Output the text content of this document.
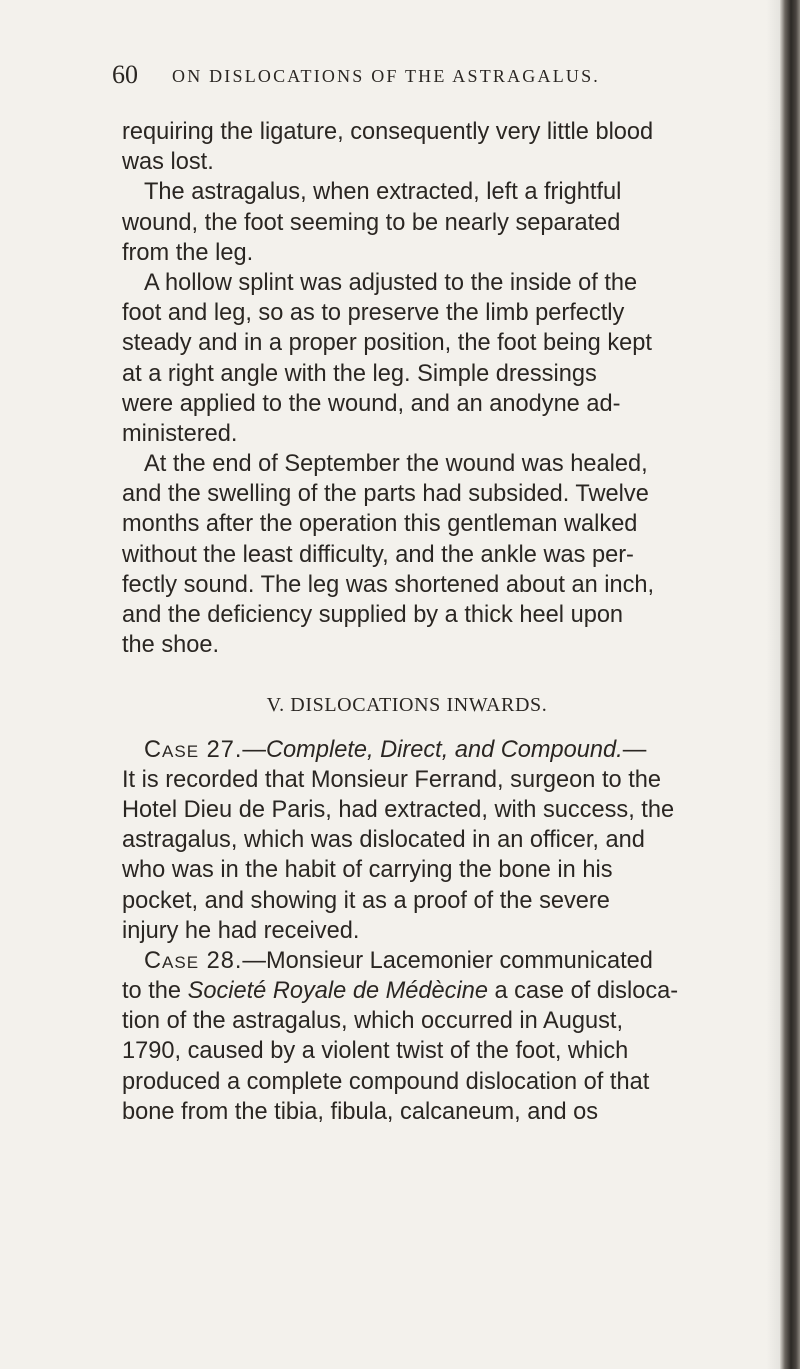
60 ON DISLOCATIONS OF THE ASTRAGALUS.
requiring the ligature, consequently very little blood
was lost.
The astragalus, when extracted, left a frightful
wound, the foot seeming to be nearly separated
from the leg.
A hollow splint was adjusted to the inside of the
foot and leg, so as to preserve the limb perfectly
steady and in a proper position, the foot being kept
at a right angle with the leg. Simple dressings
were applied to the wound, and an anodyne ad-
ministered.
At the end of September the wound was healed,
and the swelling of the parts had subsided. Twelve
months after the operation this gentleman walked
without the least difficulty, and the ankle was per-
fectly sound. The leg was shortened about an inch,
and the deficiency supplied by a thick heel upon
the shoe.
V. DISLOCATIONS INWARDS.
Case 27.—Complete, Direct, and Compound.—
It is recorded that Monsieur Ferrand, surgeon to the
Hotel Dieu de Paris, had extracted, with success, the
astragalus, which was dislocated in an officer, and
who was in the habit of carrying the bone in his
pocket, and showing it as a proof of the severe
injury he had received.
Case 28.—Monsieur Lacemonier communicated
to the Societé Royale de Médècine a case of disloca-
tion of the astragalus, which occurred in August,
1790, caused by a violent twist of the foot, which
produced a complete compound dislocation of that
bone from the tibia, fibula, calcaneum, and os
